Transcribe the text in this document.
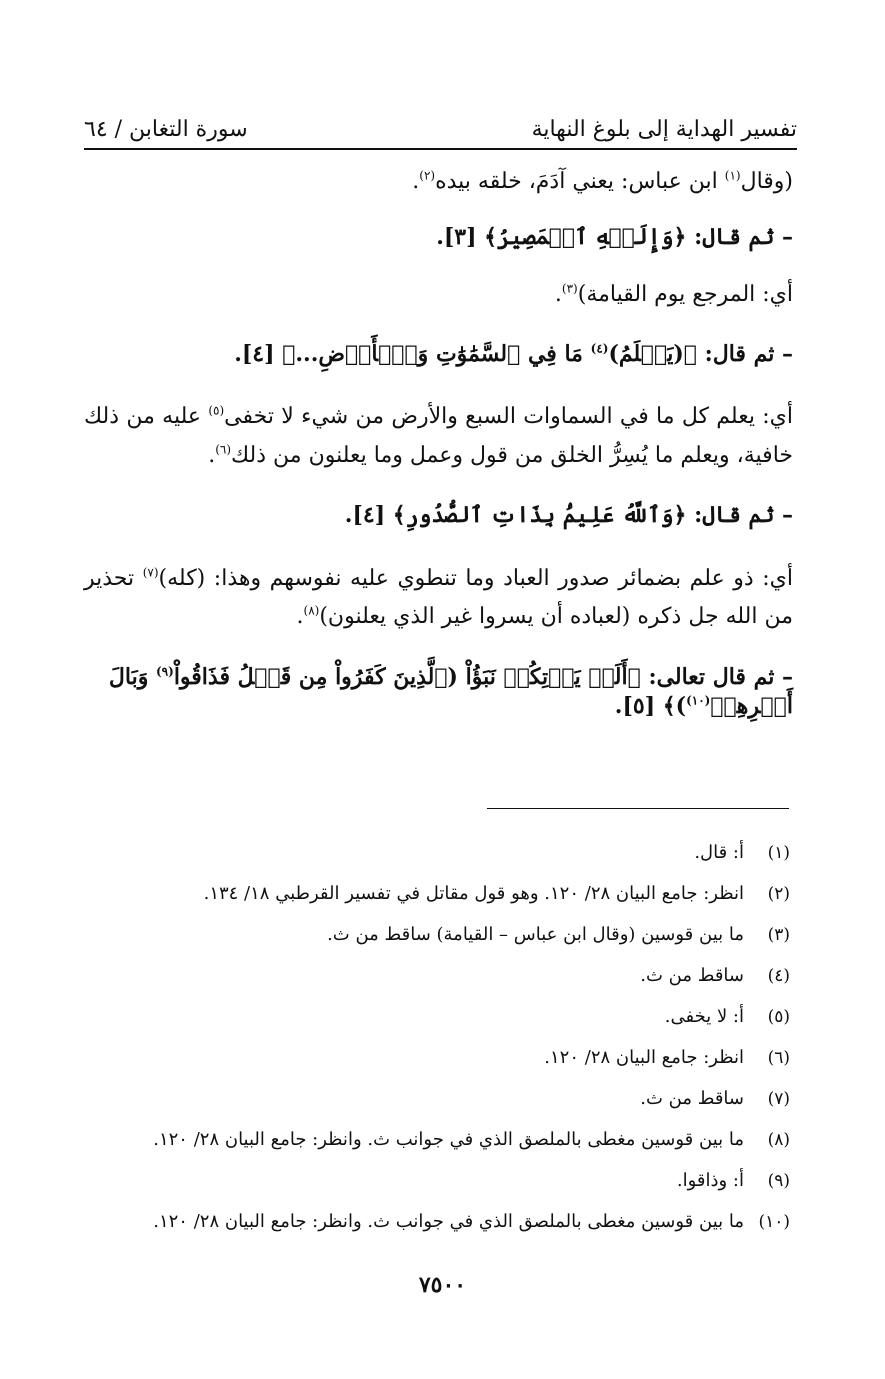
تفسير الهداية إلى بلوغ النهاية
سورة التغابن / ٦٤

(وقال$^{(١)}$ ابن عباس: يعني آدَمَ، خلقه بيده$^{(٢)}$.

– ثم قال: ﴿وَإِلَيۡهِ ٱلۡمَصِيرُ﴾ [٣].

أي: المرجع يوم القيامة)$^{(٣)}$.

– ثم قال: ﴿(يَعۡلَمُ)$^{(٤)}$ مَا فِي ٱلسَّمَٰوَٰتِ وَٱلۡأَرۡضِ...﴾ [٤].

أي: يعلم كل ما في السماوات السبع والأرض من شيء لا تخفى$^{(٥)}$ عليه من ذلك خافية، ويعلم ما يُسِرُّ الخلق من قول وعمل وما يعلنون من ذلك$^{(٦)}$.

– ثم قال: ﴿وَٱللَّهُ عَلِيمُۢ بِذَاتِ ٱلصُّدُورِ﴾ [٤].

أي: ذو علم بضمائر صدور العباد وما تنطوي عليه نفوسهم وهذا: (كله)$^{(٧)}$ تحذير من الله جل ذكره (لعباده أن يسروا غير الذي يعلنون)$^{(٨)}$.

– ثم قال تعالى: ﴿أَلَمۡ يَأۡتِكُمۡ نَبَؤُاْ (ٱلَّذِينَ كَفَرُواْ مِن قَبۡلُ فَذَاقُواْ$^{(٩)}$ وَبَالَ أَمۡرِهِمۡ$^{(١٠)}$)﴾ [٥].

(١)
أ: قال.
(٢)
انظر: جامع البيان ٢٨/ ١٢٠. وهو قول مقاتل في تفسير القرطبي ١٨/ ١٣٤.
(٣)
ما بين قوسين (وقال ابن عباس – القيامة) ساقط من ث.
(٤)
ساقط من ث.
(٥)
أ: لا يخفى.
(٦)
انظر: جامع البيان ٢٨/ ١٢٠.
(٧)
ساقط من ث.
(٨)
ما بين قوسين مغطى بالملصق الذي في جوانب ث. وانظر: جامع البيان ٢٨/ ١٢٠.
(٩)
أ: وذاقوا.
(١٠)
ما بين قوسين مغطى بالملصق الذي في جوانب ث. وانظر: جامع البيان ٢٨/ ١٢٠.
٧٥٠٠
